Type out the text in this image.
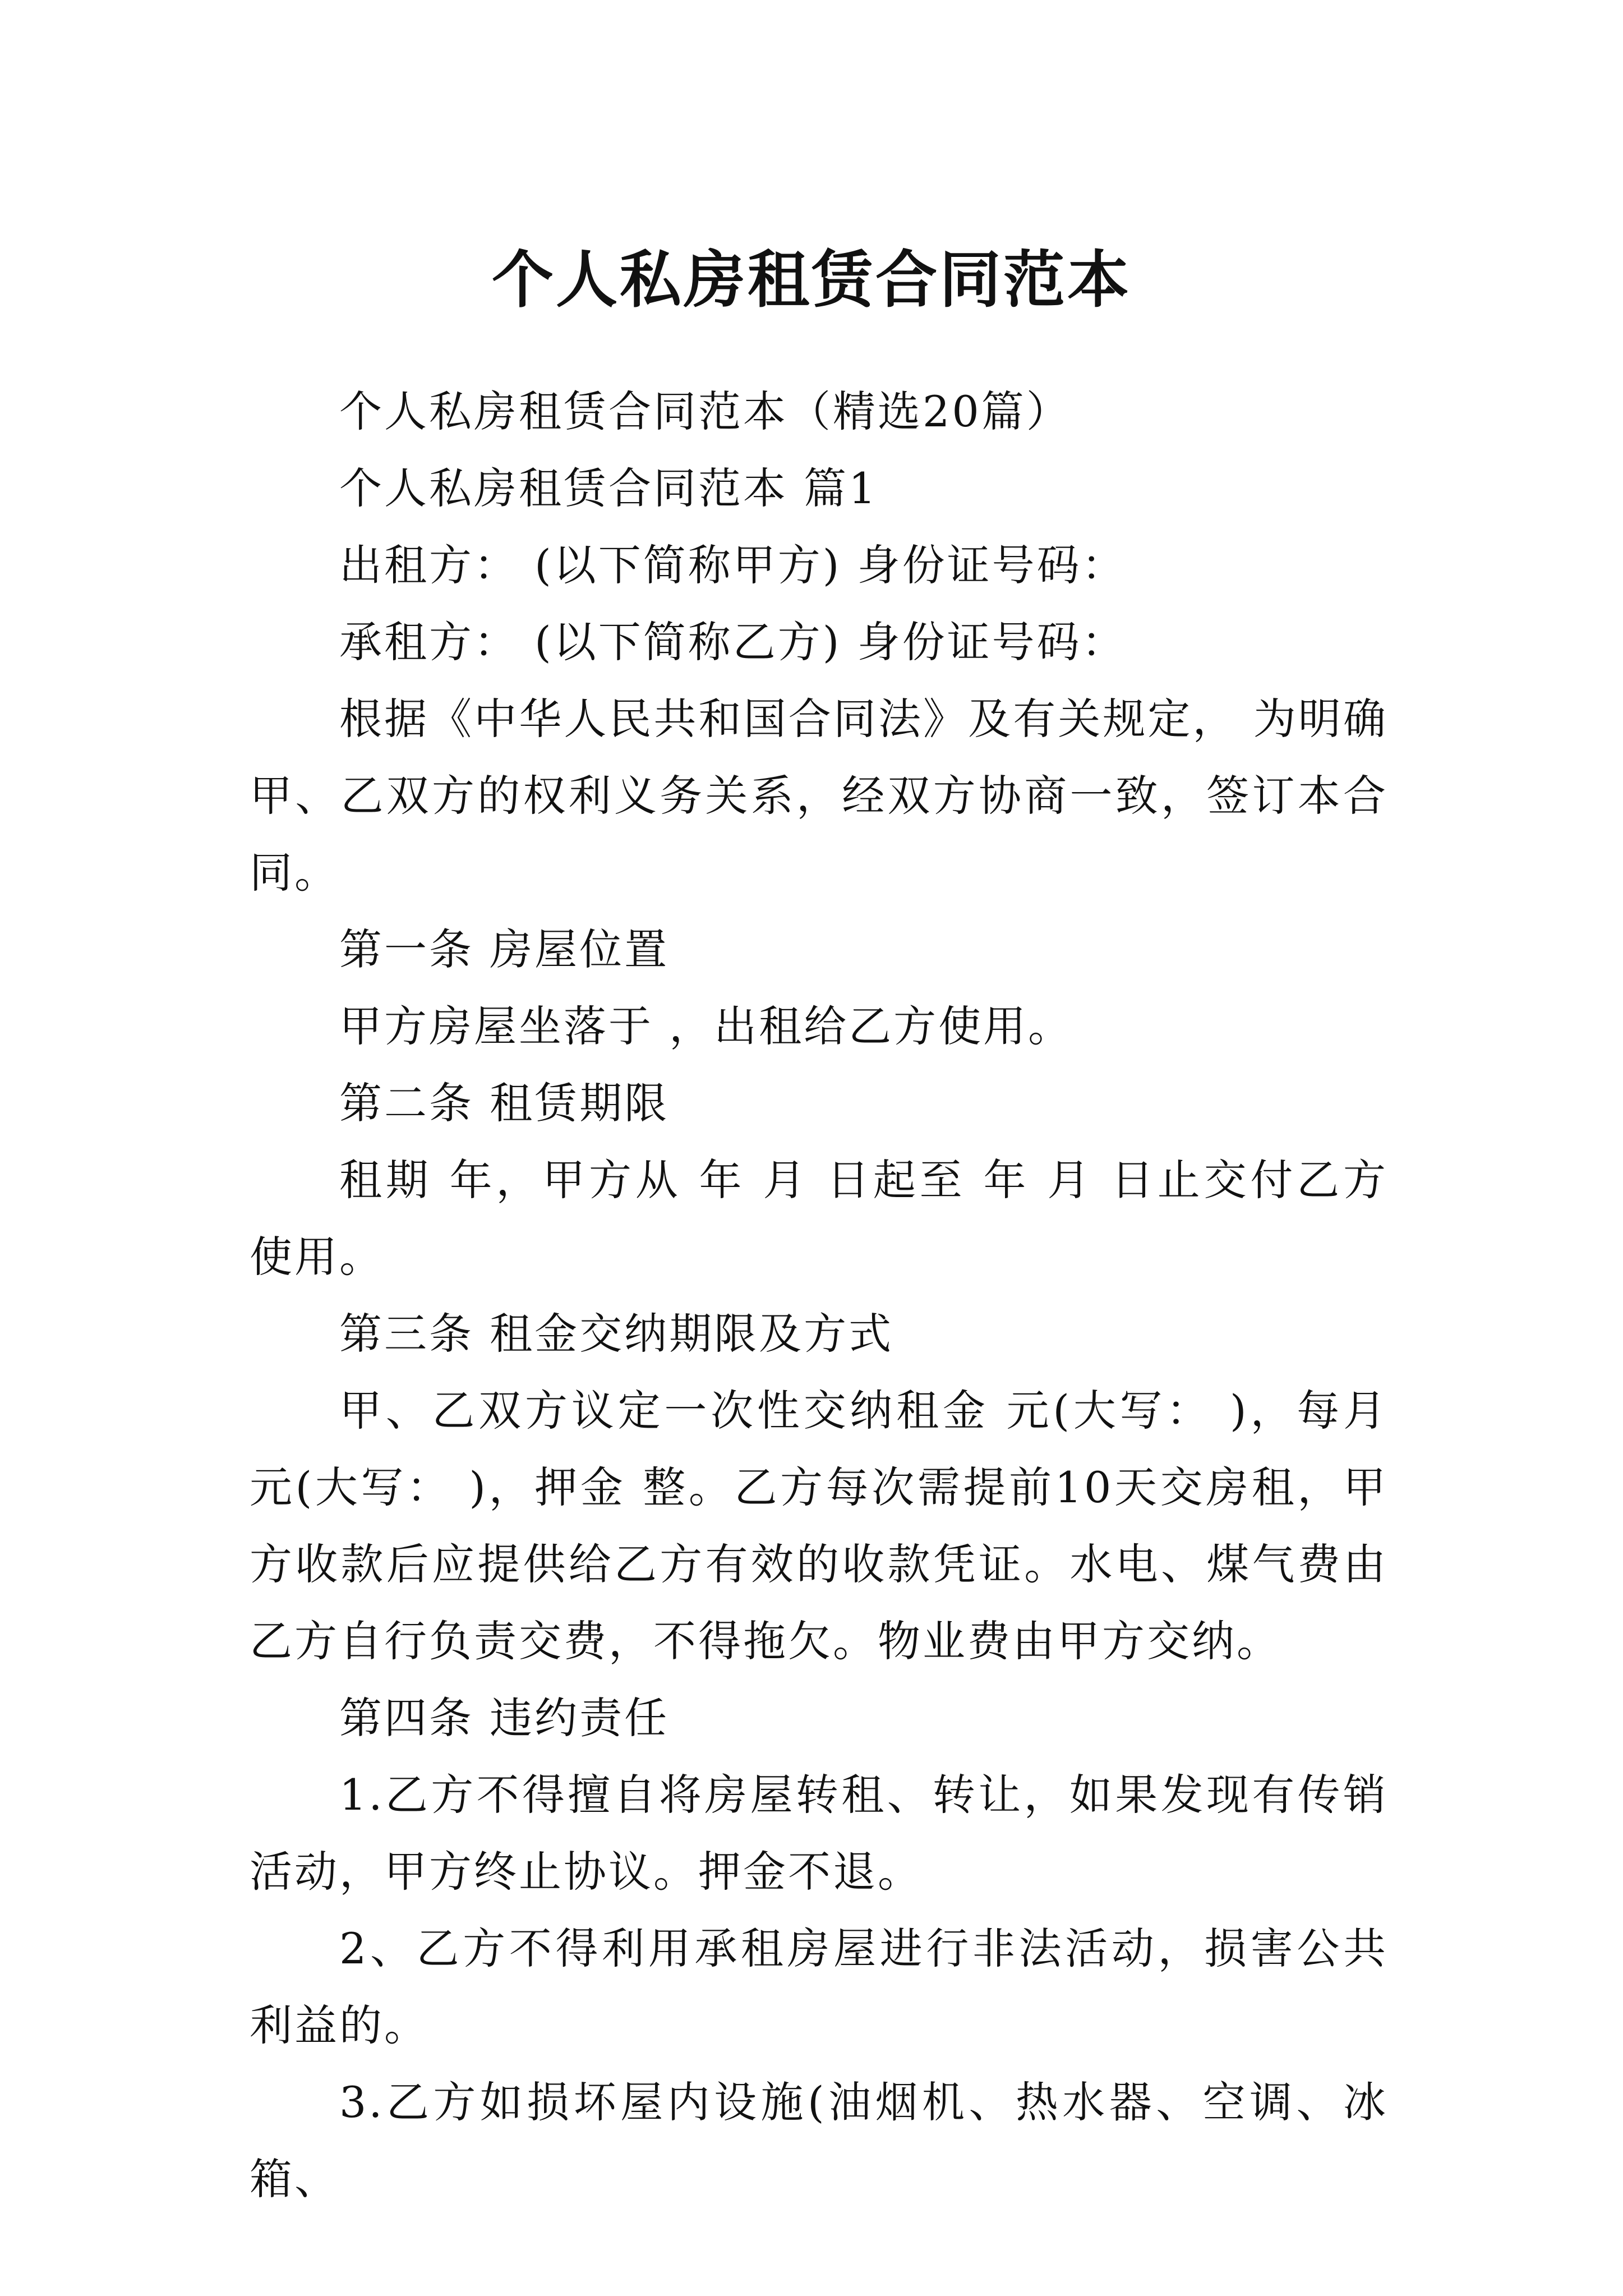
个人私房租赁合同范本

个人私房租赁合同范本（精选20篇）

个人私房租赁合同范本 篇1

出租方： (以下简称甲方) 身份证号码：

承租方： (以下简称乙方) 身份证号码：

根据《中华人民共和国合同法》及有关规定， 为明确甲、乙双方的权利义务关系，经双方协商一致，签订本合同。

第一条 房屋位置

甲方房屋坐落于 ，出租给乙方使用。

第二条 租赁期限

租期 年，甲方从 年 月 日起至 年 月 日止交付乙方使用。

第三条 租金交纳期限及方式

甲、乙双方议定一次性交纳租金 元(大写： )，每月 元(大写： )，押金 整。乙方每次需提前10天交房租，甲方收款后应提供给乙方有效的收款凭证。水电、煤气费由乙方自行负责交费，不得拖欠。物业费由甲方交纳。

第四条 违约责任

1.乙方不得擅自将房屋转租、转让，如果发现有传销活动，甲方终止协议。押金不退。

2、乙方不得利用承租房屋进行非法活动，损害公共利益的。

3.乙方如损坏屋内设施(油烟机、热水器、空调、冰箱、
